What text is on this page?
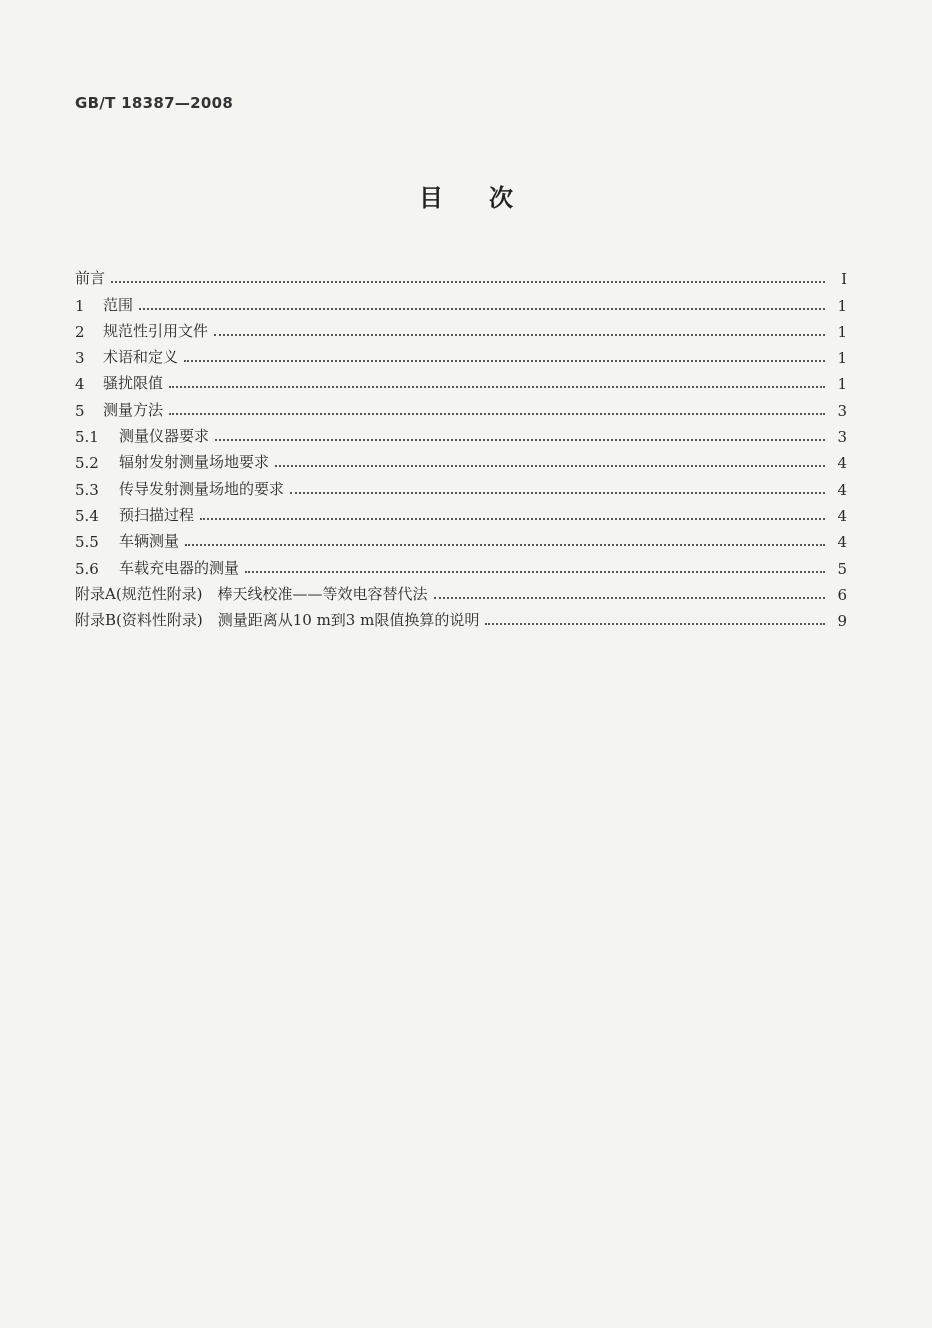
GB/T 18387—2008
目次
前言	I
1	范围	1
2	规范性引用文件	1
3	术语和定义	1
4	骚扰限值	1
5	测量方法	3
5.1	测量仪器要求	3
5.2	辐射发射测量场地要求	4
5.3	传导发射测量场地的要求	4
5.4	预扫描过程	4
5.5	车辆测量	4
5.6	车载充电器的测量	5
附录A(规范性附录)　棒天线校准——等效电容替代法	6
附录B(资料性附录)　测量距离从10 m到3 m限值换算的说明	9
